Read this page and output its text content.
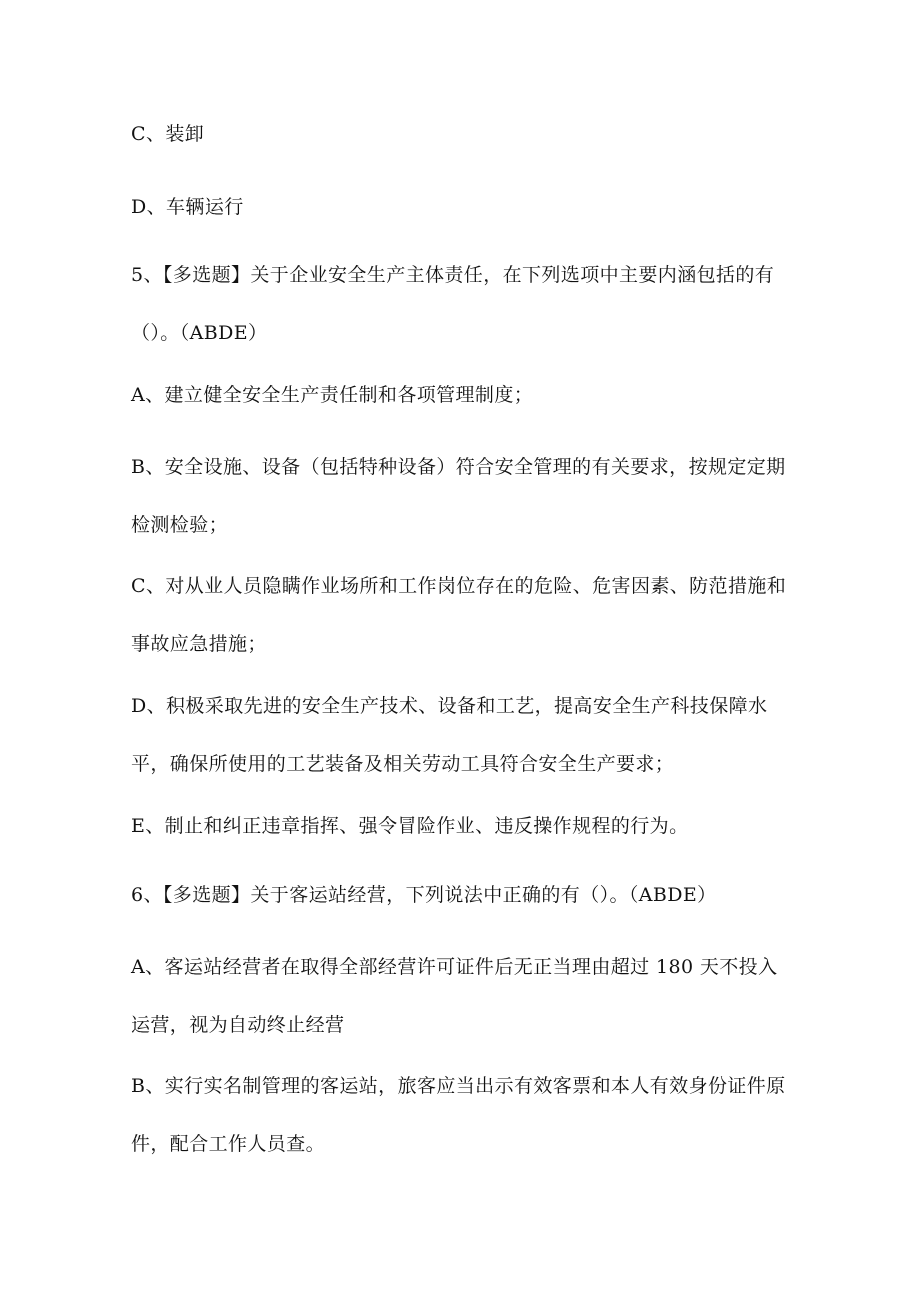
C、装卸
D、车辆运行
5、【多选题】关于企业安全生产主体责任，在下列选项中主要内涵包括的有（）。（ABDE）
A、建立健全安全生产责任制和各项管理制度；
B、安全设施、设备（包括特种设备）符合安全管理的有关要求，按规定定期检测检验；
C、对从业人员隐瞒作业场所和工作岗位存在的危险、危害因素、防范措施和事故应急措施；
D、积极采取先进的安全生产技术、设备和工艺，提高安全生产科技保障水平，确保所使用的工艺装备及相关劳动工具符合安全生产要求；
E、制止和纠正违章指挥、强令冒险作业、违反操作规程的行为。
6、【多选题】关于客运站经营，下列说法中正确的有（）。（ABDE）
A、客运站经营者在取得全部经营许可证件后无正当理由超过 180 天不投入运营，视为自动终止经营
B、实行实名制管理的客运站，旅客应当出示有效客票和本人有效身份证件原件，配合工作人员查。
